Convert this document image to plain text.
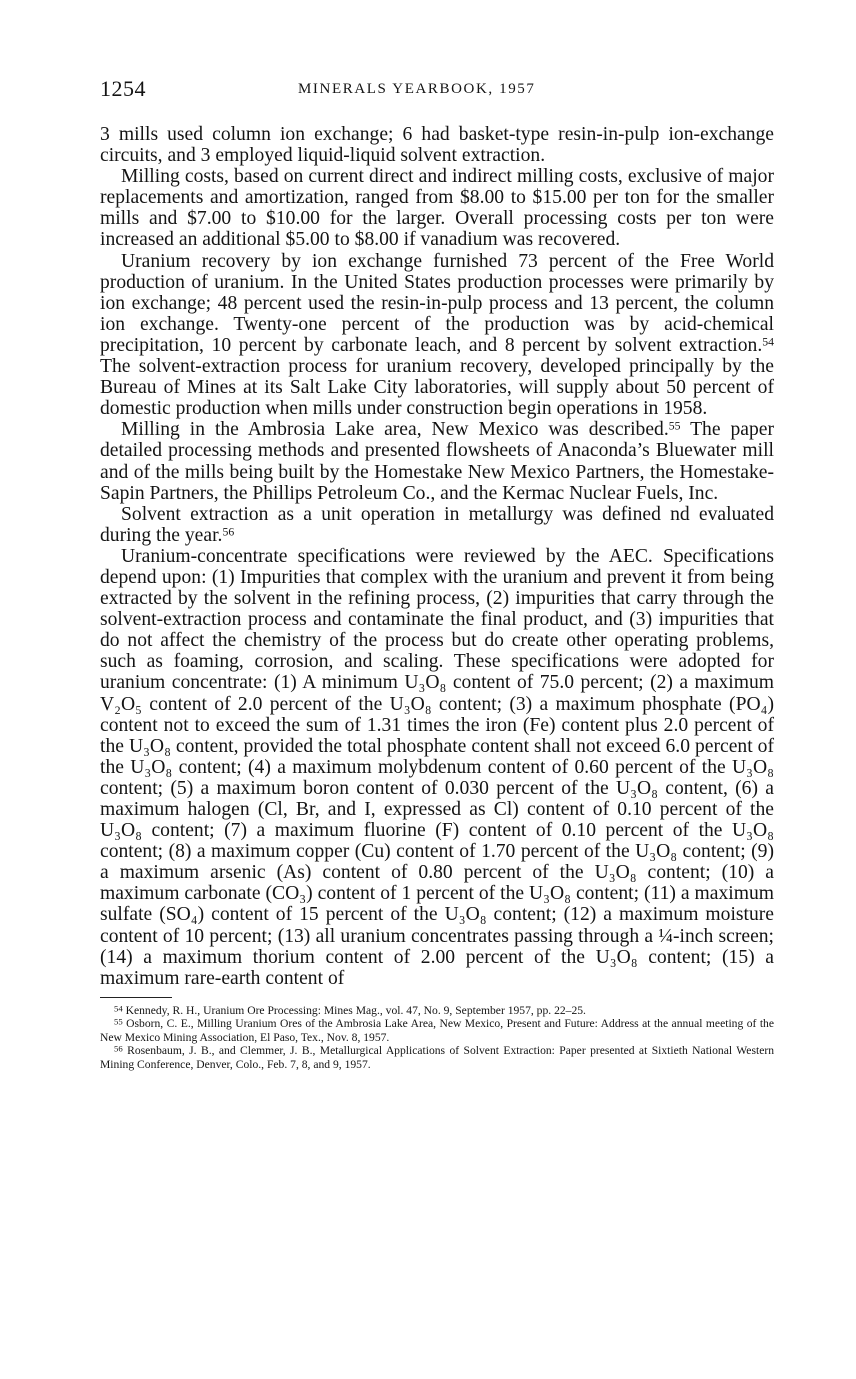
1254	MINERALS YEARBOOK, 1957

3 mills used column ion exchange; 6 had basket-type resin-in-pulp ion-exchange circuits, and 3 employed liquid-liquid solvent extraction.

Milling costs, based on current direct and indirect milling costs, exclusive of major replacements and amortization, ranged from $8.00 to $15.00 per ton for the smaller mills and $7.00 to $10.00 for the larger. Overall processing costs per ton were increased an additional $5.00 to $8.00 if vanadium was recovered.

Uranium recovery by ion exchange furnished 73 percent of the Free World production of uranium. In the United States production processes were primarily by ion exchange; 48 percent used the resin-in-pulp process and 13 percent, the column ion exchange. Twenty-one percent of the production was by acid-chemical precipitation, 10 percent by carbonate leach, and 8 percent by solvent extraction.$^{54}$ The solvent-extraction process for uranium recovery, developed principally by the Bureau of Mines at its Salt Lake City laboratories, will supply about 50 percent of domestic production when mills under construction begin operations in 1958.

Milling in the Ambrosia Lake area, New Mexico was described.$^{55}$ The paper detailed processing methods and presented flowsheets of Anaconda’s Bluewater mill and of the mills being built by the Homestake New Mexico Partners, the Homestake-Sapin Partners, the Phillips Petroleum Co., and the Kermac Nuclear Fuels, Inc.

Solvent extraction as a unit operation in metallurgy was defined nd evaluated during the year.$^{56}$

Uranium-concentrate specifications were reviewed by the AEC. Specifications depend upon: (1) Impurities that complex with the uranium and prevent it from being extracted by the solvent in the refining process, (2) impurities that carry through the solvent-extraction process and contaminate the final product, and (3) impurities that do not affect the chemistry of the process but do create other operating problems, such as foaming, corrosion, and scaling. These specifications were adopted for uranium concentrate: (1) A minimum U₃O₈ content of 75.0 percent; (2) a maximum V₂O₅ content of 2.0 percent of the U₃O₈ content; (3) a maximum phosphate (PO₄) content not to exceed the sum of 1.31 times the iron (Fe) content plus 2.0 percent of the U₃O₈ content, provided the total phosphate content shall not exceed 6.0 percent of the U₃O₈ content; (4) a maximum molybdenum content of 0.60 percent of the U₃O₈ content; (5) a maximum boron content of 0.030 percent of the U₃O₈ content, (6) a maximum halogen (Cl, Br, and I, expressed as Cl) content of 0.10 percent of the U₃O₈ content; (7) a maximum fluorine (F) content of 0.10 percent of the U₃O₈ content; (8) a maximum copper (Cu) content of 1.70 percent of the U₃O₈ content; (9) a maximum arsenic (As) content of 0.80 percent of the U₃O₈ content; (10) a maximum carbonate (CO₃) content of 1 percent of the U₃O₈ content; (11) a maximum sulfate (SO₄) content of 15 percent of the U₃O₈ content; (12) a maximum moisture content of 10 percent; (13) all uranium concentrates passing through a ¼-inch screen; (14) a maximum thorium content of 2.00 percent of the U₃O₈ content; (15) a maximum rare-earth content of

$^{54}$ Kennedy, R. H., Uranium Ore Processing: Mines Mag., vol. 47, No. 9, September 1957, pp. 22–25.

$^{55}$ Osborn, C. E., Milling Uranium Ores of the Ambrosia Lake Area, New Mexico, Present and Future: Address at the annual meeting of the New Mexico Mining Association, El Paso, Tex., Nov. 8, 1957.

$^{56}$ Rosenbaum, J. B., and Clemmer, J. B., Metallurgical Applications of Solvent Extraction: Paper presented at Sixtieth National Western Mining Conference, Denver, Colo., Feb. 7, 8, and 9, 1957.
